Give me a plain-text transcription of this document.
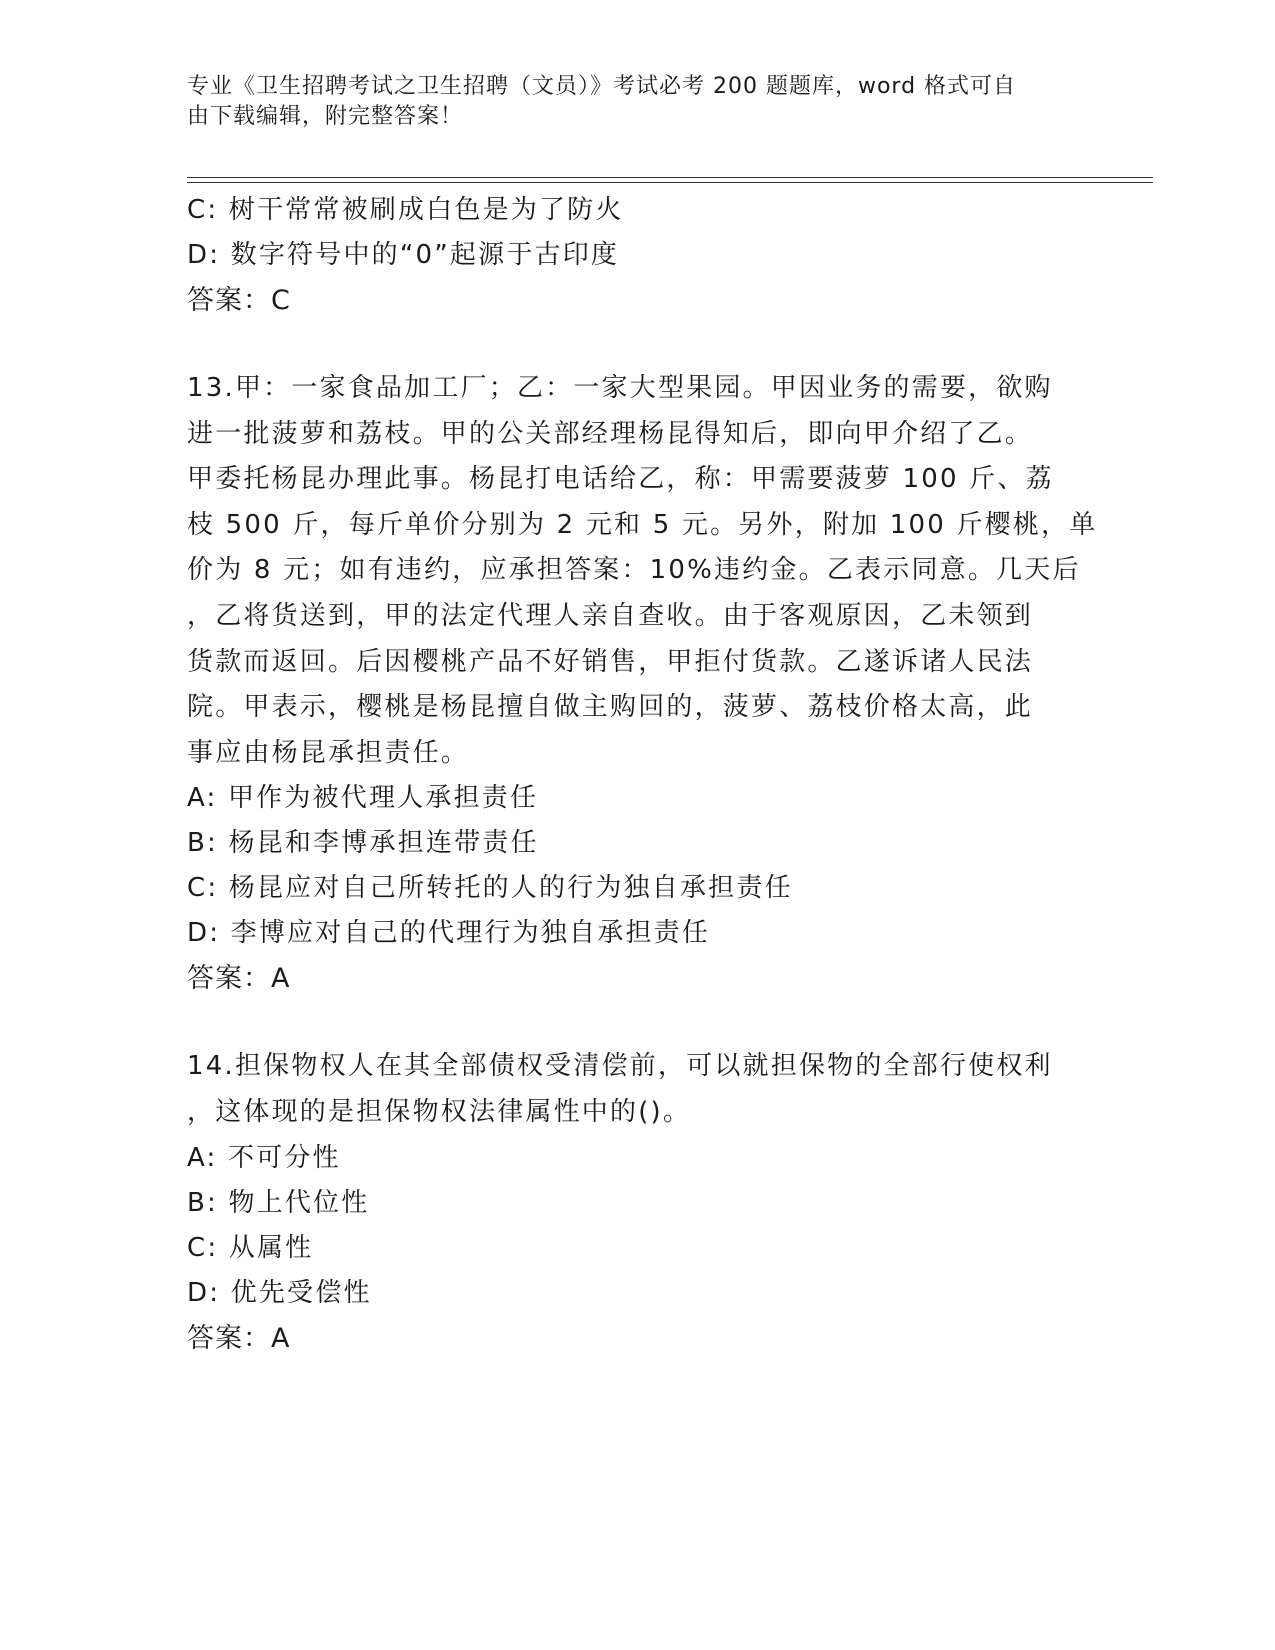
专业《卫生招聘考试之卫生招聘（文员）》考试必考 200 题题库，word 格式可自
由下载编辑，附完整答案！
C: 树干常常被刷成白色是为了防火
D: 数字符号中的“0”起源于古印度
答案：C
13.甲：一家食品加工厂；乙：一家大型果园。甲因业务的需要，欲购
进一批菠萝和荔枝。甲的公关部经理杨昆得知后，即向甲介绍了乙。
甲委托杨昆办理此事。杨昆打电话给乙，称：甲需要菠萝 100 斤、荔
枝 500 斤，每斤单价分别为 2 元和 5 元。另外，附加 100 斤樱桃，单
价为 8 元；如有违约，应承担答案：10%违约金。乙表示同意。几天后
，乙将货送到，甲的法定代理人亲自查收。由于客观原因，乙未领到
货款而返回。后因樱桃产品不好销售，甲拒付货款。乙遂诉诸人民法
院。甲表示，樱桃是杨昆擅自做主购回的，菠萝、荔枝价格太高，此
事应由杨昆承担责任。
A: 甲作为被代理人承担责任
B: 杨昆和李博承担连带责任
C: 杨昆应对自己所转托的人的行为独自承担责任
D: 李博应对自己的代理行为独自承担责任
答案：A
14.担保物权人在其全部债权受清偿前，可以就担保物的全部行使权利
，这体现的是担保物权法律属性中的()。
A: 不可分性
B: 物上代位性
C: 从属性
D: 优先受偿性
答案：A
